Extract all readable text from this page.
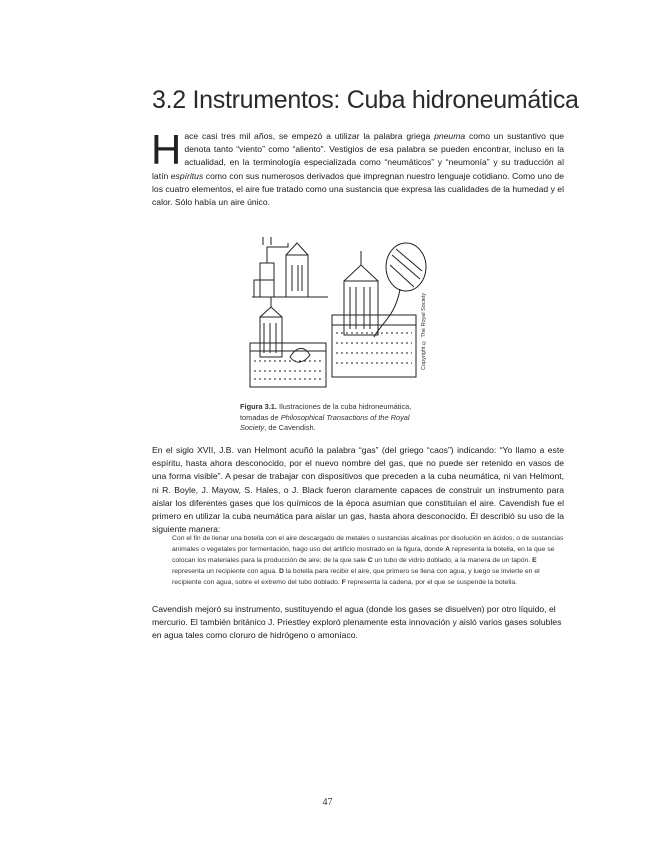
3.2 Instrumentos: Cuba hidroneumática
Hace casi tres mil años, se empezó a utilizar la palabra griega pneuma como un sustantivo que denota tanto “viento” como “aliento”. Vestigios de esa palabra se pueden encontrar, incluso en la actualidad, en la terminología especializada como “neumáticos” y “neumonía” y su traducción al latín espíritus como con sus numerosos derivados que impregnan nuestro lenguaje cotidiano. Como uno de los cuatro elementos, el aire fue tratado como una sustancia que expresa las cualidades de la humedad y el calor. Sólo había un aire único.
Copyright © The Royal Society
Figura 3.1. Ilustraciones de la cuba hidroneumática, tomadas de Philosophical Transactions of the Royal Society, de Cavendish.
En el siglo XVII, J.B. van Helmont acuñó la palabra “gas” (del griego “caos”) indicando: “Yo llamo a este espíritu, hasta ahora desconocido, por el nuevo nombre del gas, que no puede ser retenido en vasos de una forma visible”. A pesar de trabajar con dispositivos que preceden a la cuba neumática, ni van Helmont, ni R. Boyle, J. Mayow, S. Hales, o J. Black fueron claramente capaces de construir un instrumento para aislar los diferentes gases que los químicos de la época asumían que constituían el aire. Cavendish fue el primero en utilizar la cuba neumática para aislar un gas, hasta ahora desconocido. Él describió su uso de la siguiente manera:
Con el fin de llenar una botella con el aire descargado de metales o sustancias alcalinas por disolución en ácidos, o de sustancias animales o vegetales por fermentación, hago uso del artificio mostrado en la figura, donde A representa la botella, en la que se colocan los materiales para la producción de aire; de la que sale C un tubo de vidrio doblado, a la manera de un tapón. E representa un recipiente con agua. D la botella para recibir el aire, que primero se llena con agua, y luego se invierte en el recipiente con agua, sobre el extremo del tubo doblado. F representa la cadena, por el que se suspende la botella.
Cavendish mejoró su instrumento, sustituyendo el agua (donde los gases se disuelven) por otro líquido, el mercurio. El también británico J. Priestley exploró plenamente esta innovación y aisló varios gases solubles en agua tales como cloruro de hidrógeno o amoníaco.
47
